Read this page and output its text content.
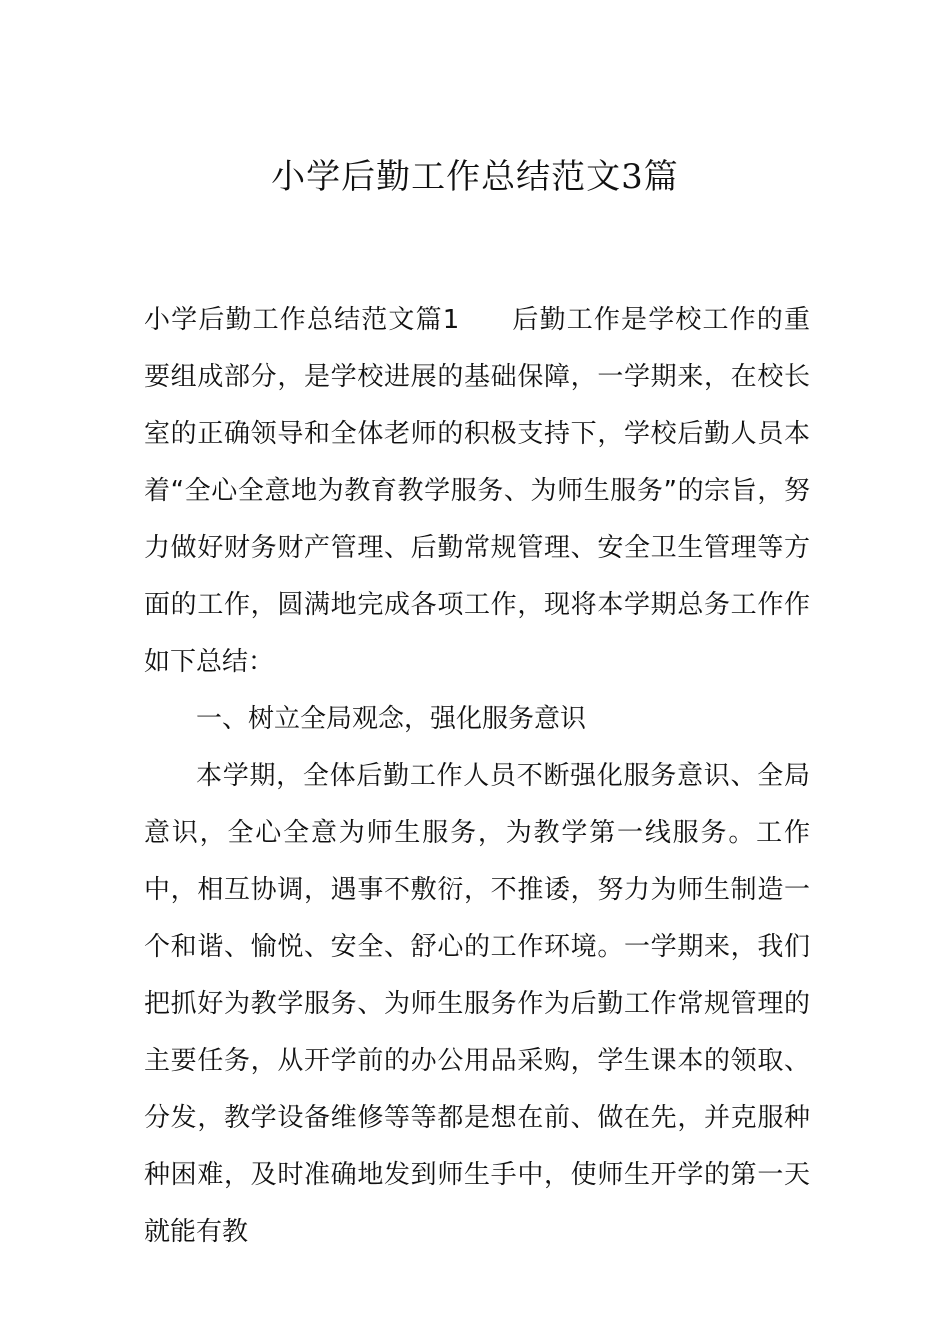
小学后勤工作总结范文3篇

小学后勤工作总结范文篇1 后勤工作是学校工作的重要组成部分，是学校进展的基础保障，一学期来，在校长室的正确领导和全体老师的积极支持下，学校后勤人员本着“全心全意地为教育教学服务、为师生服务”的宗旨，努力做好财务财产管理、后勤常规管理、安全卫生管理等方面的工作，圆满地完成各项工作，现将本学期总务工作作如下总结：

一、树立全局观念，强化服务意识

本学期，全体后勤工作人员不断强化服务意识、全局意识，全心全意为师生服务，为教学第一线服务。工作中，相互协调，遇事不敷衍，不推诿，努力为师生制造一个和谐、愉悦、安全、舒心的工作环境。一学期来，我们把抓好为教学服务、为师生服务作为后勤工作常规管理的主要任务，从开学前的办公用品采购，学生课本的领取、分发，教学设备维修等等都是想在前、做在先，并克服种种困难，及时准确地发到师生手中，使师生开学的第一天就能有教
